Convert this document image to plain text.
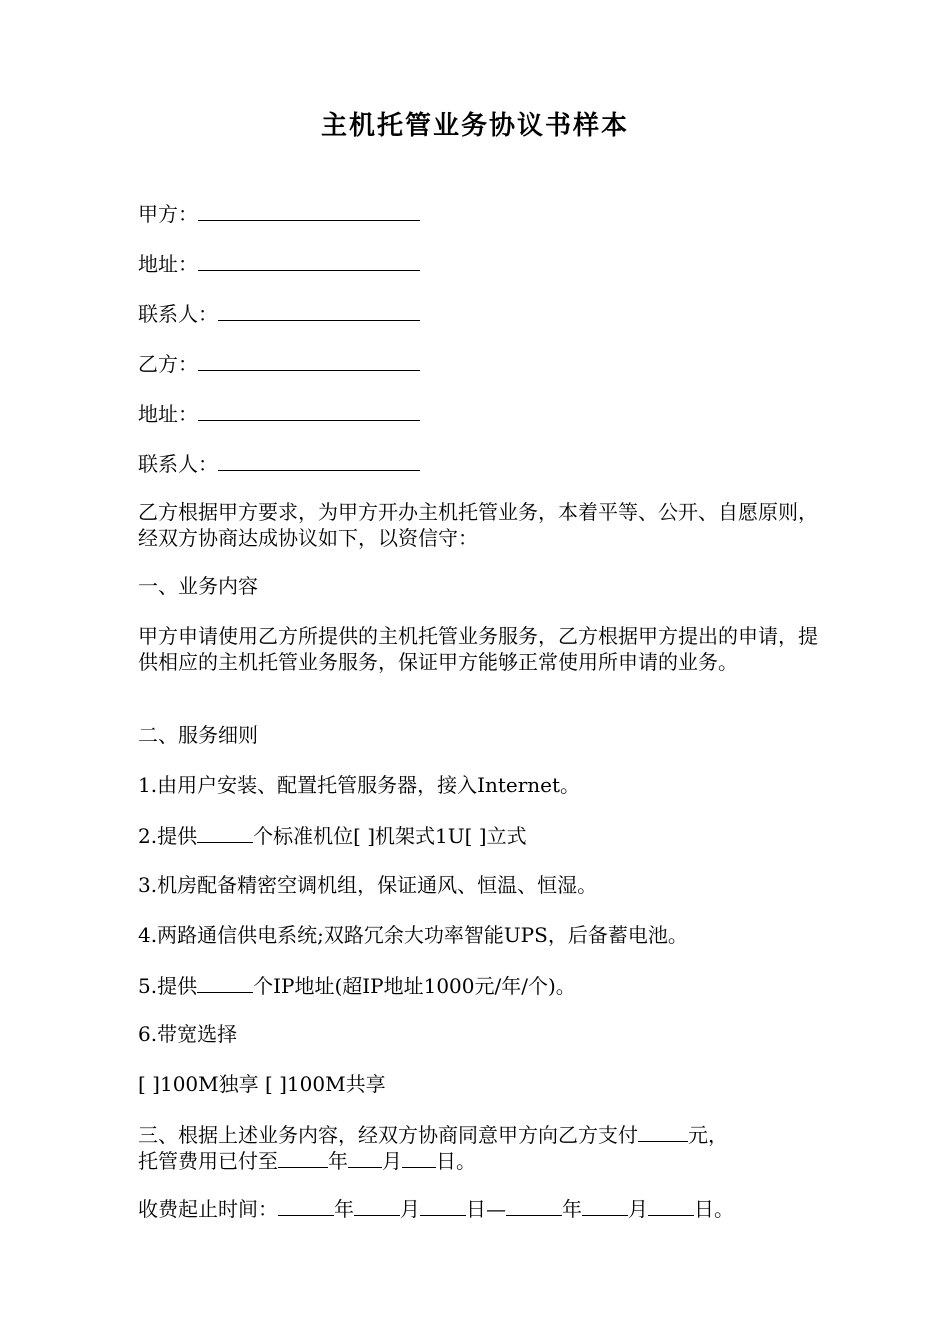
主机托管业务协议书样本
甲方：
地址：
联系人：
乙方：
地址：
联系人：
乙方根据甲方要求，为甲方开办主机托管业务，本着平等、公开、自愿原则，经双方协商达成协议如下，以资信守：
一、业务内容
甲方申请使用乙方所提供的主机托管业务服务，乙方根据甲方提出的申请，提供相应的主机托管业务服务，保证甲方能够正常使用所申请的业务。
二、服务细则
1.由用户安装、配置托管服务器，接入Internet。
2.提供	个标准机位[ ]机架式1U[ ]立式
3.机房配备精密空调机组，保证通风、恒温、恒湿。
4.两路通信供电系统;双路冗余大功率智能UPS，后备蓄电池。
5.提供	个IP地址(超IP地址1000元/年/个)。
6.带宽选择
[ ]100M独享 [ ]100M共享
三、根据上述业务内容，经双方协商同意甲方向乙方支付	元，
托管费用已付至	年 月 日。
收费起止时间：	年 月 日—	年 月 日。
